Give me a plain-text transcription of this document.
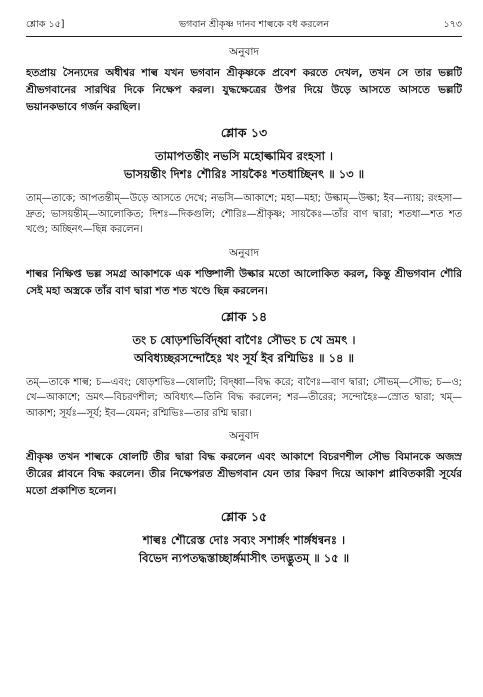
শ্লোক ১৫]	ভগবান শ্রীকৃষ্ণ দানব শাল্বকে বধ করলেন	১৭৩
অনুবাদ

হতপ্রায় সৈন্যদের অধীশ্বর শাল্ব যখন ভগবান শ্রীকৃষ্ণকে প্রবেশ করতে দেখল, তখন সে তার ভল্লটি শ্রীভগবানের সারথির দিকে নিক্ষেপ করল। যুদ্ধক্ষেত্রের উপর দিয়ে উড়ে আসতে আসতে ভল্লটি ভয়ানকভাবে গর্জন করছিল।

শ্লোক ১৩
তামাপতন্তীং নভসি মহোল্কামিব রংহসা ।
ভাসয়ন্তীং দিশঃ শৌরিঃ সায়কৈঃ শতধাচ্ছিনৎ ॥ ১৩ ॥

তাম্—তাকে; আপতন্তীম্—উড়ে আসতে দেখে; নভসি—আকাশে; মহা—মহা; উল্কাম্—উল্কা; ইব—ন্যায়; রংহসা—দ্রুত; ভাসয়ন্তীম্—আলোকিত; দিশঃ—দিকগুলি; শৌরিঃ—শ্রীকৃষ্ণ; সায়কৈঃ—তাঁর বাণ দ্বারা; শতধা—শত শত খণ্ডে; অচ্ছিনৎ—ছিন্ন করলেন।

অনুবাদ

শাল্বর নিক্ষিপ্ত ভল্ল সমগ্র আকাশকে এক শক্তিশালী উল্কার মতো আলোকিত করল, কিন্তু শ্রীভগবান শৌরি সেই মহা অস্ত্রকে তাঁর বাণ দ্বারা শত শত খণ্ডে ছিন্ন করলেন।

শ্লোক ১৪
তং চ ষোড়শভির্বিদ্ধ্বা বাণৈঃ সৌভং চ খে ভ্রমৎ ।
অবিধ্যচ্ছরসন্দোহৈঃ খং সূর্য ইব রশ্মিভিঃ ॥ ১৪ ॥

তম্—তাকে শাল্ব; চ—এবং; ষোড়শভিঃ—ষোলটি; বিদ্ধ্বা—বিদ্ধ করে; বাণৈঃ—বাণ দ্বারা; সৌভম্—সৌভ; চ—ও; খে—আকাশে; ভ্রমৎ—বিচরণশীল; অবিধ্যৎ—তিনি বিদ্ধ করলেন; শর—তীরের; সন্দোহৈঃ—স্রোত দ্বারা; খম্—আকাশ; সূর্যঃ—সূর্য; ইব—যেমন; রশ্মিভিঃ—তার রশ্মি দ্বারা।

অনুবাদ

শ্রীকৃষ্ণ তখন শাল্বকে ষোলটি তীর দ্বারা বিদ্ধ করলেন এবং আকাশে বিচরণশীল সৌভ বিমানকে অজস্র তীরের প্লাবনে বিদ্ধ করলেন। তীর নিক্ষেপরত শ্রীভগবান যেন তার কিরণ দিয়ে আকাশ প্লাবিতকারী সূর্যের মতো প্রকাশিত হলেন।

শ্লোক ১৫
শাল্বঃ শৌরেস্ত দোঃ সব্যং সশার্ঙ্গং শার্ঙ্গধন্বনঃ ।
বিভেদ ন্যপতদ্ধস্তাচ্ছার্ঙ্গমাসীৎ তদদ্ভুতম্ ॥ ১৫ ॥
